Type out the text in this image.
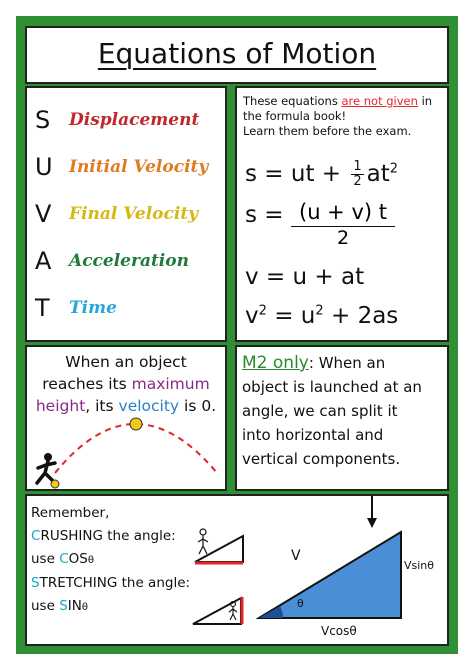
Equations of Motion
S Displacement
U Initial Velocity
V Final Velocity
A Acceleration
T Time
These equations are not given in the formula book!
Learn them before the exam.
s = ut + $\frac{1}{2} at^2$
$s = \frac{(u + v) t}{2}$
v = u + at
$v^2 = u^2 + 2as$
When an object
reaches its maximum
height, its velocity is 0.
M2 only: When an
object is launched at an
angle, we can split it
into horizontal and
vertical components.
Remember,
CRUSHING the angle:
use COSθ
STRETCHING the angle:
use SINθ
V
Vsinθ
Vcosθ
θ
